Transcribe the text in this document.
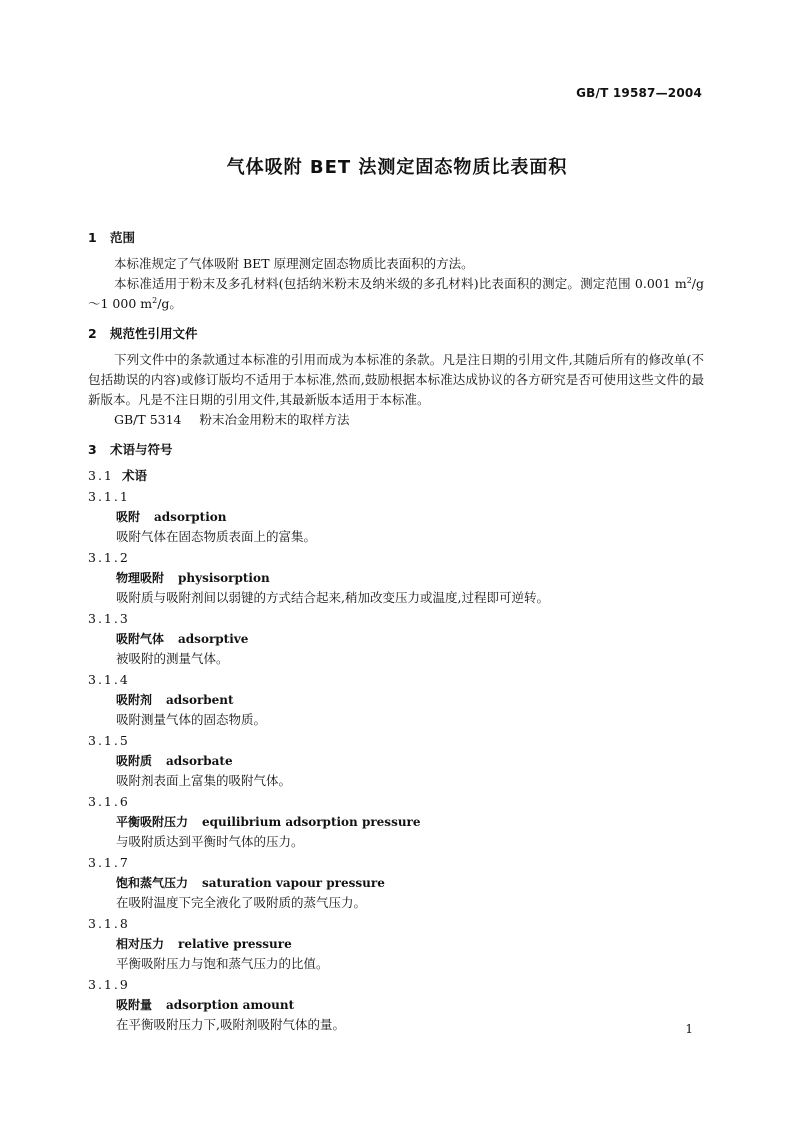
GB/T 19587—2004
气体吸附 BET 法测定固态物质比表面积
1 范围

本标准规定了气体吸附 BET 原理测定固态物质比表面积的方法。

本标准适用于粉末及多孔材料(包括纳米粉末及纳米级的多孔材料)比表面积的测定。测定范围 0.001 $m^2/g\sim 1$ 000 $m^2/g$。

2 规范性引用文件

下列文件中的条款通过本标准的引用而成为本标准的条款。凡是注日期的引用文件,其随后所有的修改单(不包括勘误的内容)或修订版均不适用于本标准,然而,鼓励根据本标准达成协议的各方研究是否可使用这些文件的最新版本。凡是不注日期的引用文件,其最新版本适用于本标准。

GB/T 5314 粉末冶金用粉末的取样方法
3 术语与符号
3.1 术语
3.1.1
吸附 adsorption
吸附气体在固态物质表面上的富集。
3.1.2
物理吸附 physisorption
吸附质与吸附剂间以弱键的方式结合起来,稍加改变压力或温度,过程即可逆转。
3.1.3
吸附气体 adsorptive
被吸附的测量气体。
3.1.4
吸附剂 adsorbent
吸附测量气体的固态物质。
3.1.5
吸附质 adsorbate
吸附剂表面上富集的吸附气体。
3.1.6
平衡吸附压力 equilibrium adsorption pressure
与吸附质达到平衡时气体的压力。
3.1.7
饱和蒸气压力 saturation vapour pressure
在吸附温度下完全液化了吸附质的蒸气压力。
3.1.8
相对压力 relative pressure
平衡吸附压力与饱和蒸气压力的比值。
3.1.9
吸附量 adsorption amount
在平衡吸附压力下,吸附剂吸附气体的量。	1
